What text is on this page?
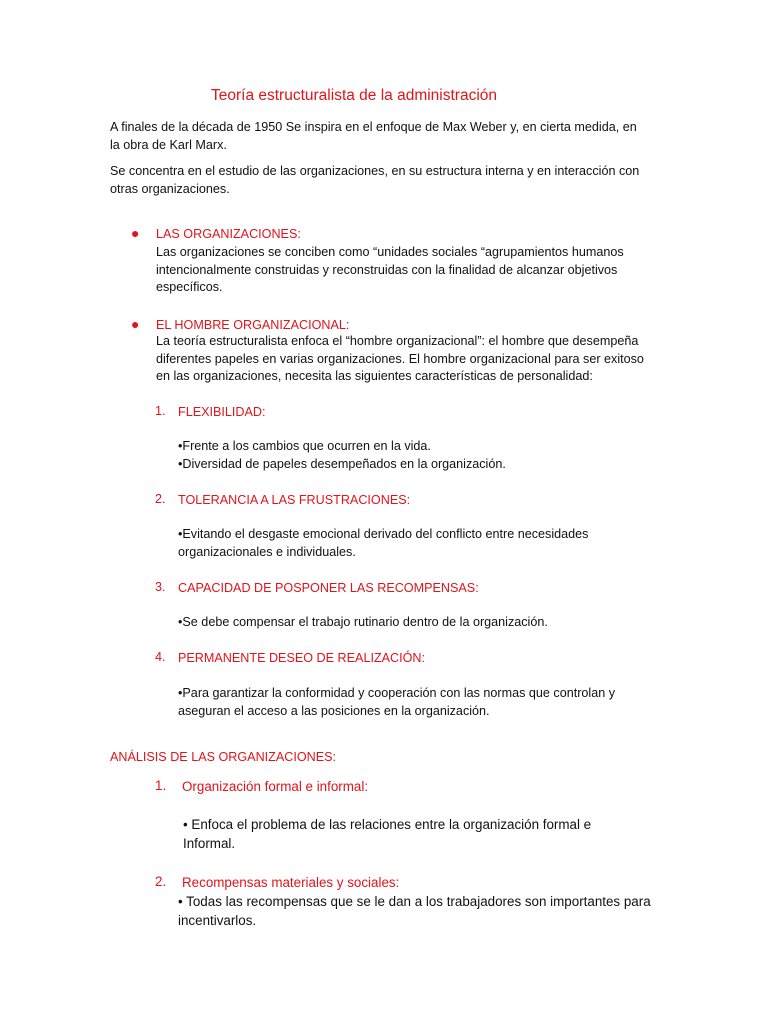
Teoría estructuralista de la administración

A finales de la década de 1950 Se inspira en el enfoque de Max Weber y, en cierta medida, en la obra de Karl Marx.

Se concentra en el estudio de las organizaciones, en su estructura interna y en interacción con otras organizaciones.

● LAS ORGANIZACIONES:

Las organizaciones se conciben como “unidades sociales “agrupamientos humanos intencionalmente construidas y reconstruidas con la finalidad de alcanzar objetivos específicos.

● EL HOMBRE ORGANIZACIONAL:

La teoría estructuralista enfoca el “hombre organizacional”: el hombre que desempeña diferentes papeles en varias organizaciones. El hombre organizacional para ser exitoso en las organizaciones, necesita las siguientes características de personalidad:

1. FLEXIBILIDAD:

•Frente a los cambios que ocurren en la vida.

•Diversidad de papeles desempeñados en la organización.

2. TOLERANCIA A LAS FRUSTRACIONES:

•Evitando el desgaste emocional derivado del conflicto entre necesidades organizacionales e individuales.

3. CAPACIDAD DE POSPONER LAS RECOMPENSAS:

•Se debe compensar el trabajo rutinario dentro de la organización.

4. PERMANENTE DESEO DE REALIZACIÓN:

•Para garantizar la conformidad y cooperación con las normas que controlan y aseguran el acceso a las posiciones en la organización.

ANÁLISIS DE LAS ORGANIZACIONES:
1. Organización formal e informal:

• Enfoca el problema de las relaciones entre la organización formal e Informal.

2. Recompensas materiales y sociales:

• Todas las recompensas que se le dan a los trabajadores son importantes para incentivarlos.
